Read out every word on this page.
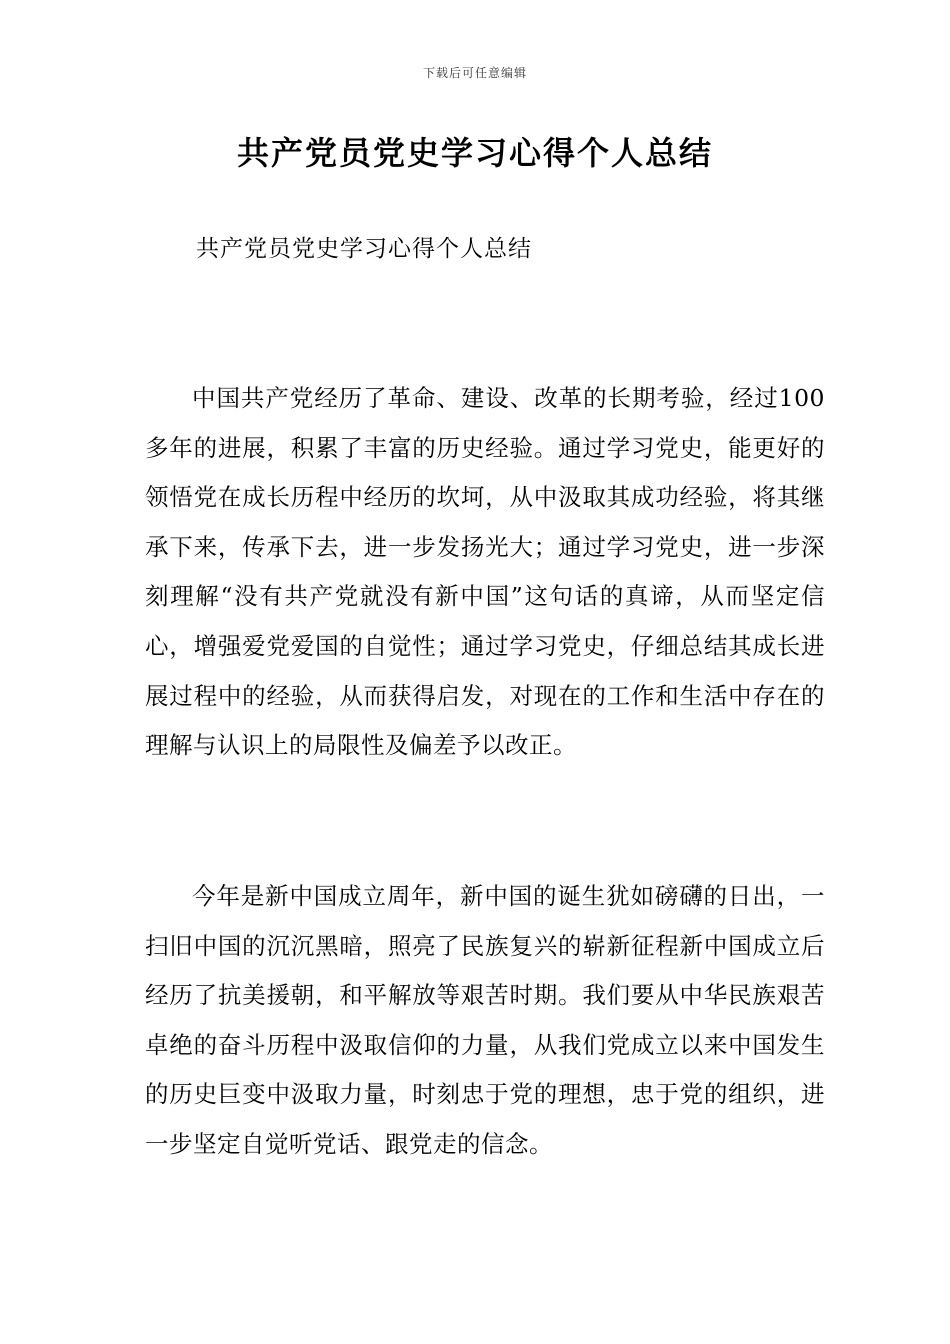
下载后可任意编辑
共产党员党史学习心得个人总结

共产党员党史学习心得个人总结

中国共产党经历了革命、建设、改革的长期考验，经过100多年的进展，积累了丰富的历史经验。通过学习党史，能更好的领悟党在成长历程中经历的坎坷，从中汲取其成功经验，将其继承下来，传承下去，进一步发扬光大；通过学习党史，进一步深刻理解“没有共产党就没有新中国”这句话的真谛，从而坚定信心，增强爱党爱国的自觉性；通过学习党史，仔细总结其成长进展过程中的经验，从而获得启发，对现在的工作和生活中存在的理解与认识上的局限性及偏差予以改正。

今年是新中国成立周年，新中国的诞生犹如磅礴的日出，一扫旧中国的沉沉黑暗，照亮了民族复兴的崭新征程新中国成立后经历了抗美援朝，和平解放等艰苦时期。我们要从中华民族艰苦卓绝的奋斗历程中汲取信仰的力量，从我们党成立以来中国发生的历史巨变中汲取力量，时刻忠于党的理想，忠于党的组织，进一步坚定自觉听党话、跟党走的信念。
